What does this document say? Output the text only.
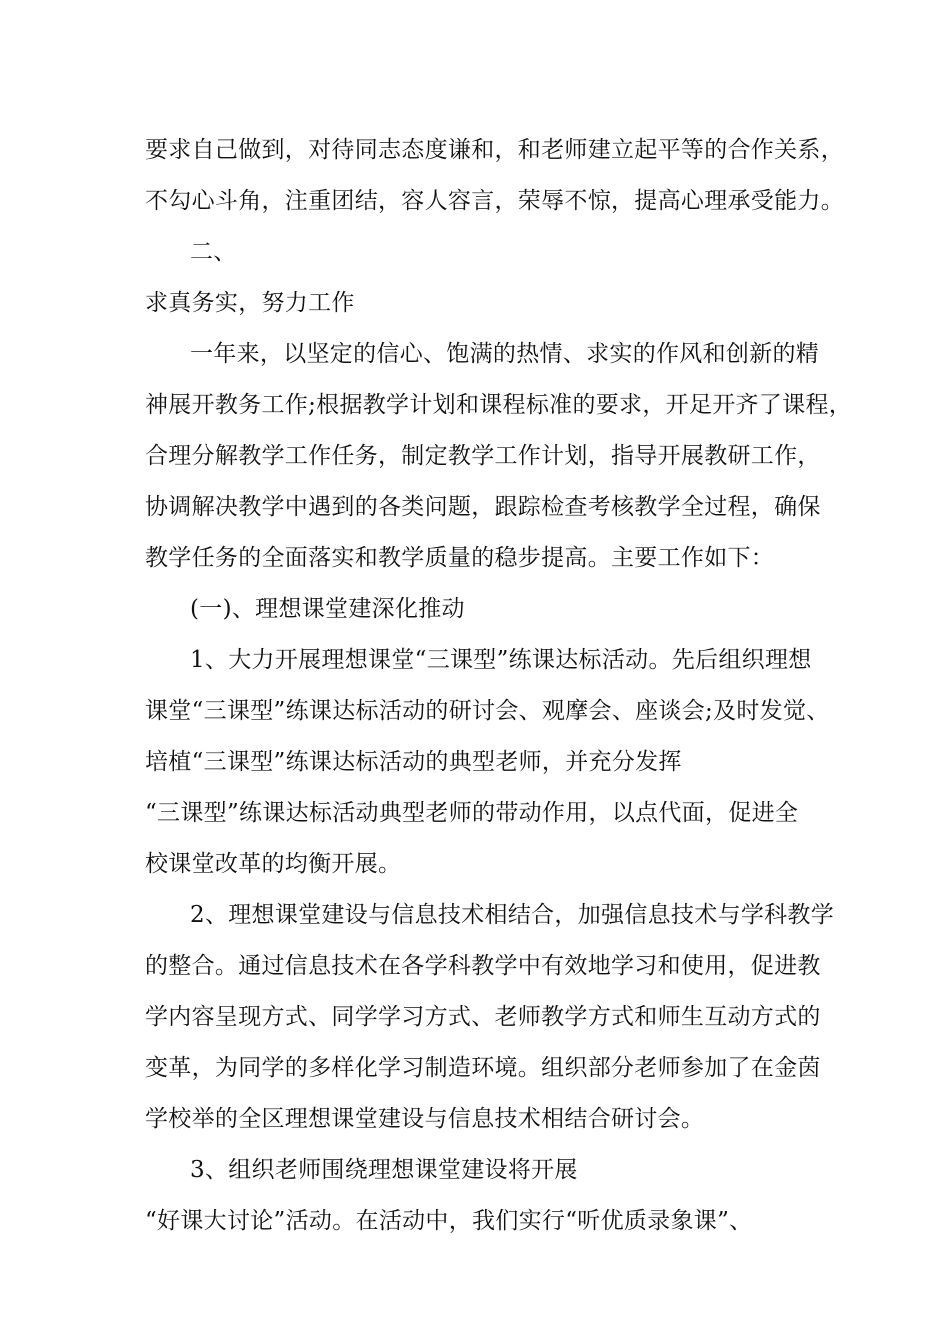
要求自己做到，对待同志态度谦和，和老师建立起平等的合作关系，
不勾心斗角，注重团结，容人容言，荣辱不惊，提高心理承受能力。
二、
求真务实，努力工作
一年来，以坚定的信心、饱满的热情、求实的作风和创新的精
神展开教务工作;根据教学计划和课程标准的要求，开足开齐了课程，
合理分解教学工作任务，制定教学工作计划，指导开展教研工作，
协调解决教学中遇到的各类问题，跟踪检查考核教学全过程，确保
教学任务的全面落实和教学质量的稳步提高。主要工作如下：
(一)、理想课堂建深化推动
1、大力开展理想课堂“三课型”练课达标活动。先后组织理想
课堂“三课型”练课达标活动的研讨会、观摩会、座谈会;及时发觉、
培植“三课型”练课达标活动的典型老师，并充分发挥
“三课型”练课达标活动典型老师的带动作用，以点代面，促进全
校课堂改革的均衡开展。
2、理想课堂建设与信息技术相结合，加强信息技术与学科教学
的整合。通过信息技术在各学科教学中有效地学习和使用，促进教
学内容呈现方式、同学学习方式、老师教学方式和师生互动方式的
变革，为同学的多样化学习制造环境。组织部分老师参加了在金茵
学校举的全区理想课堂建设与信息技术相结合研讨会。
3、组织老师围绕理想课堂建设将开展
“好课大讨论”活动。在活动中，我们实行“听优质录象课”、
